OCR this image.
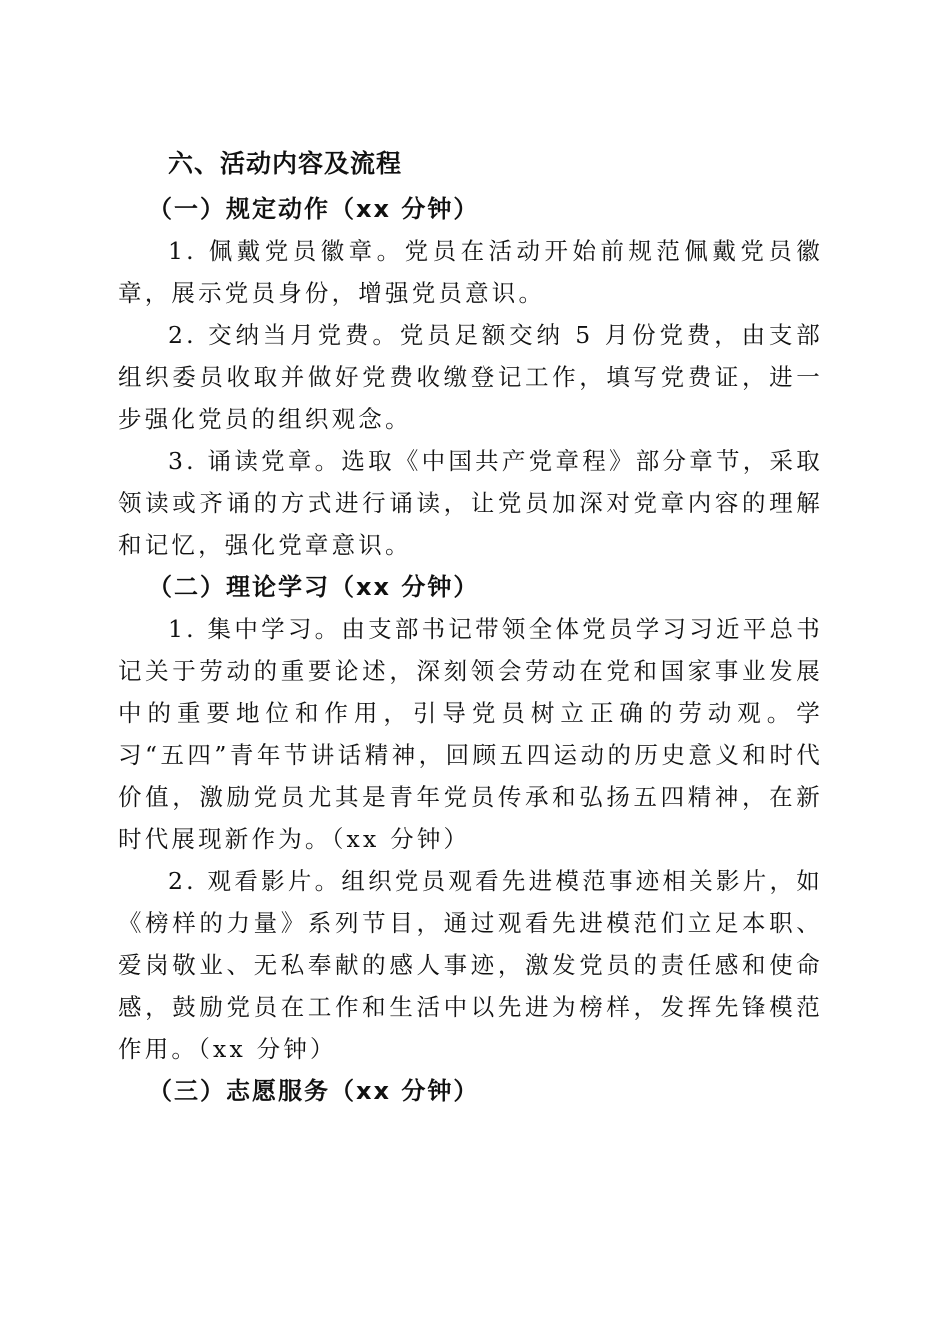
六、活动内容及流程
（一）规定动作（xx 分钟）

1. 佩戴党员徽章。党员在活动开始前规范佩戴党员徽章，展示党员身份，增强党员意识。

2. 交纳当月党费。党员足额交纳 5 月份党费，由支部组织委员收取并做好党费收缴登记工作，填写党费证，进一步强化党员的组织观念。

3. 诵读党章。选取《中国共产党章程》部分章节，采取领读或齐诵的方式进行诵读，让党员加深对党章内容的理解和记忆，强化党章意识。

（二）理论学习（xx 分钟）

1. 集中学习。由支部书记带领全体党员学习习近平总书记关于劳动的重要论述，深刻领会劳动在党和国家事业发展中的重要地位和作用，引导党员树立正确的劳动观。学习“五四”青年节讲话精神，回顾五四运动的历史意义和时代价值，激励党员尤其是青年党员传承和弘扬五四精神，在新时代展现新作为。（xx 分钟）

2. 观看影片。组织党员观看先进模范事迹相关影片，如《榜样的力量》系列节目，通过观看先进模范们立足本职、爱岗敬业、无私奉献的感人事迹，激发党员的责任感和使命感，鼓励党员在工作和生活中以先进为榜样，发挥先锋模范作用。（xx 分钟）

（三）志愿服务（xx 分钟）
